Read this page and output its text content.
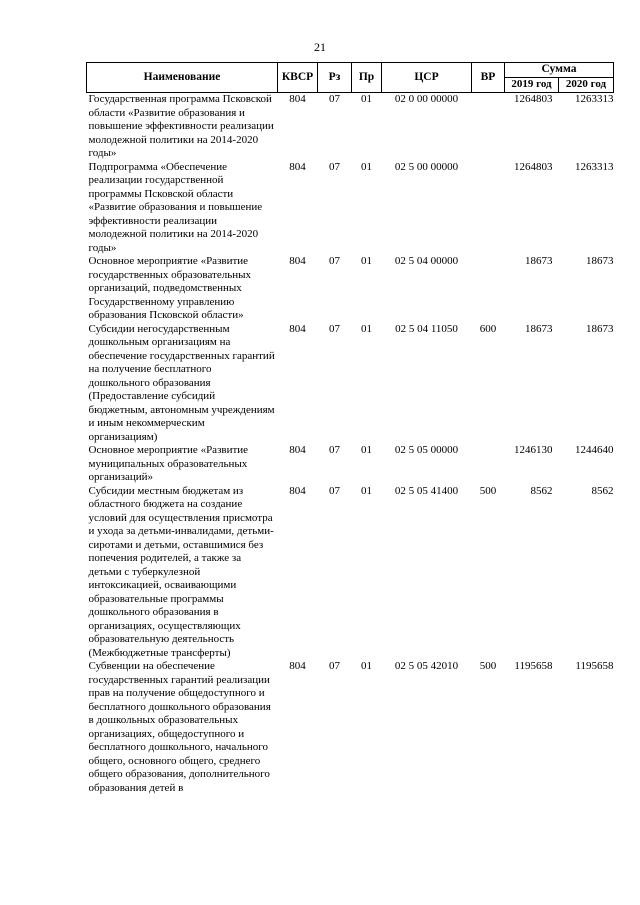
21
Наименование	КВСР	Рз	Пр	ЦСР	ВР	Сумма	
						2019 год	2020 год
Государственная программа Псковской области «Развитие образования и повышение эффективности реализации молодежной политики на 2014-2020 годы»	804	07	01	02 0 00 00000		1264803	1263313
Подпрограмма «Обеспечение реализации государственной программы Псковской области «Развитие образования и повышение эффективности реализации молодежной политики на 2014-2020 годы»	804	07	01	02 5 00 00000		1264803	1263313
Основное мероприятие «Развитие государственных образовательных организаций, подведомственных Государственному управлению образования Псковской области»	804	07	01	02 5 04 00000		18673	18673
Субсидии негосударственным дошкольным организациям на обеспечение государственных гарантий на получение бесплатного дошкольного образования (Предоставление субсидий бюджетным, автономным учреждениям и иным некоммерческим организациям)	804	07	01	02 5 04 11050	600	18673	18673
Основное мероприятие «Развитие муниципальных образовательных организаций»	804	07	01	02 5 05 00000		1246130	1244640
Субсидии местным бюджетам из областного бюджета на создание условий для осуществления присмотра и ухода за детьми-инвалидами, детьми-сиротами и детьми, оставшимися без попечения родителей, а также за детьми с туберкулезной интоксикацией, осваивающими образовательные программы дошкольного образования в организациях, осуществляющих образовательную деятельность (Межбюджетные трансферты)	804	07	01	02 5 05 41400	500	8562	8562
Субвенции на обеспечение государственных гарантий реализации прав на получение общедоступного и бесплатного дошкольного образования в дошкольных образовательных организациях, общедоступного и бесплатного дошкольного, начального общего, основного общего, среднего общего образования, дополнительного образования детей в	804	07	01	02 5 05 42010	500	1195658	1195658
